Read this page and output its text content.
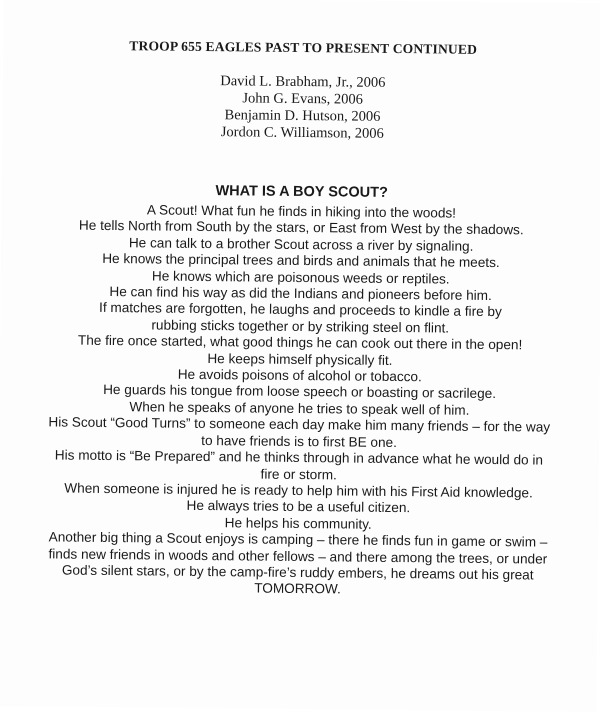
TROOP 655 EAGLES PAST TO PRESENT CONTINUED
David L. Brabham, Jr., 2006
John G. Evans, 2006
Benjamin D. Hutson, 2006
Jordon C. Williamson, 2006
WHAT IS A BOY SCOUT?
A Scout! What fun he finds in hiking into the woods!
He tells North from South by the stars, or East from West by the shadows.
He can talk to a brother Scout across a river by signaling.
He knows the principal trees and birds and animals that he meets.
He knows which are poisonous weeds or reptiles.
He can find his way as did the Indians and pioneers before him.
If matches are forgotten, he laughs and proceeds to kindle a fire by
rubbing sticks together or by striking steel on flint.
The fire once started, what good things he can cook out there in the open!
He keeps himself physically fit.
He avoids poisons of alcohol or tobacco.
He guards his tongue from loose speech or boasting or sacrilege.
When he speaks of anyone he tries to speak well of him.
His Scout “Good Turns” to someone each day make him many friends – for the way
to have friends is to first BE one.
His motto is “Be Prepared” and he thinks through in advance what he would do in
fire or storm.
When someone is injured he is ready to help him with his First Aid knowledge.
He always tries to be a useful citizen.
He helps his community.
Another big thing a Scout enjoys is camping – there he finds fun in game or swim –
finds new friends in woods and other fellows – and there among the trees, or under
God’s silent stars, or by the camp-fire’s ruddy embers, he dreams out his great
TOMORROW.
